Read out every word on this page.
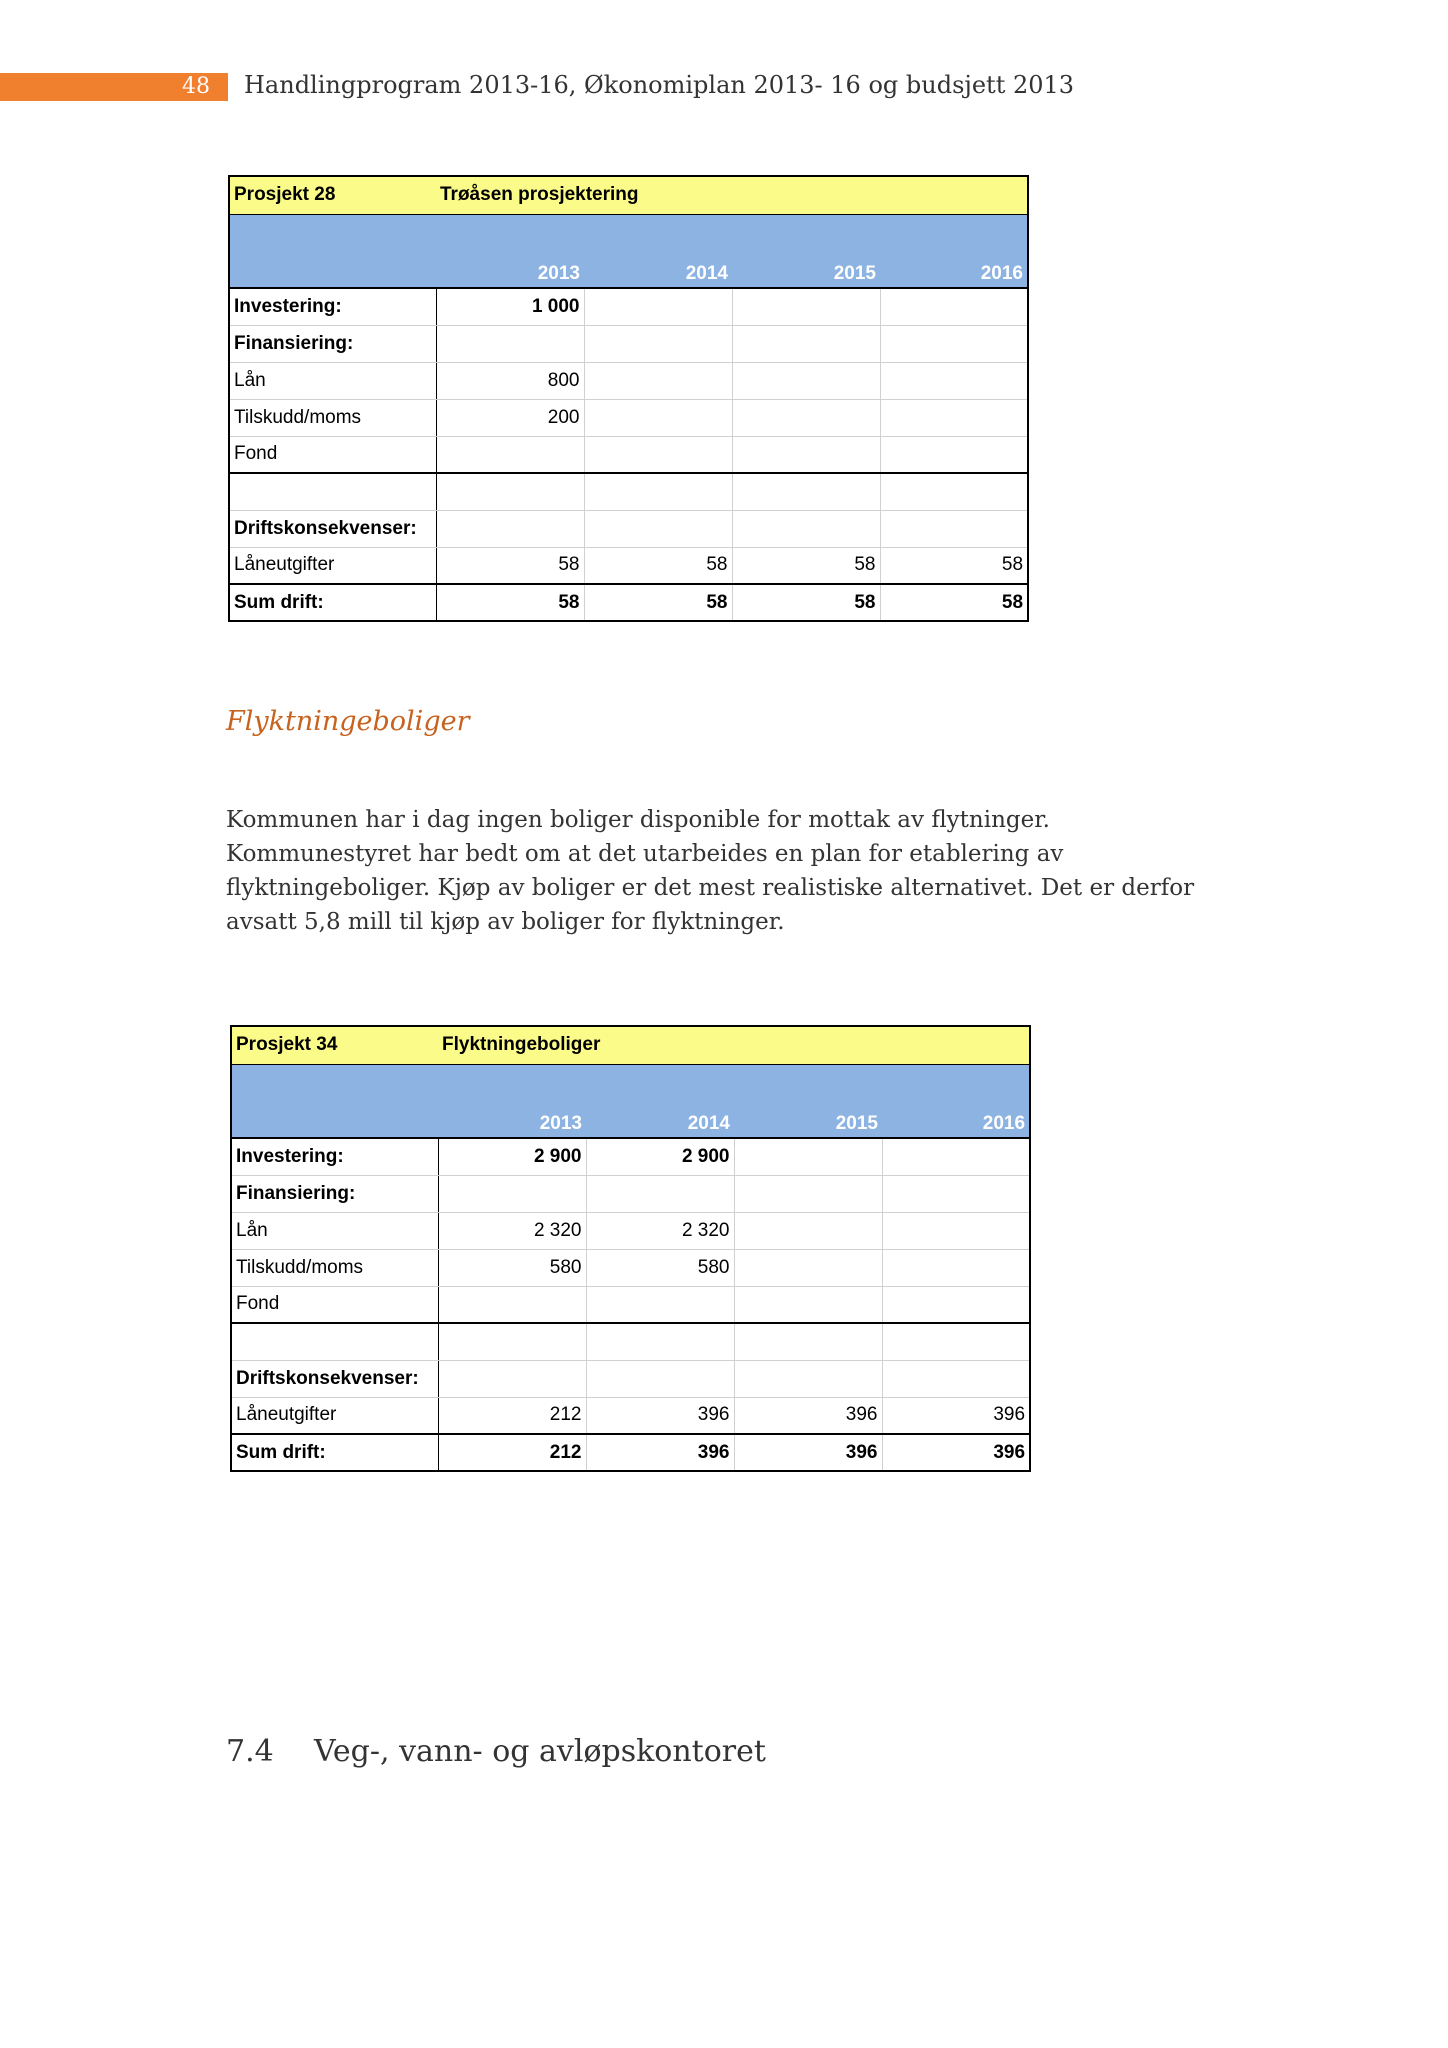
48	Handlingprogram 2013-16, Økonomiplan 2013- 16 og budsjett 2013
Prosjekt 28	Trøåsen prosjektering			
	2013	2014	2015	2016
Investering:	1 000			
Finansiering:				
Lån	800			
Tilskudd/moms	200			
Fond				

Driftskonsekvenser:				
Låneutgifter	58	58	58	58
Sum drift:	58	58	58	58
Flyktningeboliger
Kommunen har i dag ingen boliger disponible for mottak av flytninger. Kommunestyret har bedt om at det utarbeides en plan for etablering av flyktningeboliger. Kjøp av boliger er det mest realistiske alternativet. Det er derfor avsatt 5,8 mill til kjøp av boliger for flyktninger.
Prosjekt 34	Flyktningeboliger			
	2013	2014	2015	2016
Investering:	2 900	2 900		
Finansiering:				
Lån	2 320	2 320		
Tilskudd/moms	580	580		
Fond				

Driftskonsekvenser:				
Låneutgifter	212	396	396	396
Sum drift:	212	396	396	396
7.4 Veg-, vann- og avløpskontoret
